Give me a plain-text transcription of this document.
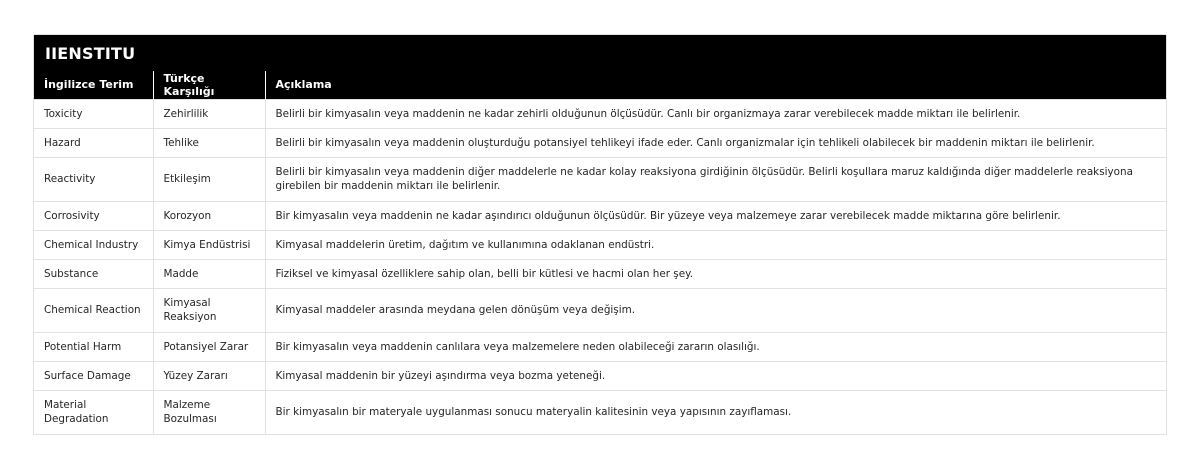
IIENSTITU
İngilizce Terim	Türkçe Karşılığı	Açıklama
Toxicity	Zehirlilik	Belirli bir kimyasalın veya maddenin ne kadar zehirli olduğunun ölçüsüdür. Canlı bir organizmaya zarar verebilecek madde miktarı ile belirlenir.
Hazard	Tehlike	Belirli bir kimyasalın veya maddenin oluşturduğu potansiyel tehlikeyi ifade eder. Canlı organizmalar için tehlikeli olabilecek bir maddenin miktarı ile belirlenir.
Reactivity	Etkileşim	Belirli bir kimyasalın veya maddenin diğer maddelerle ne kadar kolay reaksiyona girdiğinin ölçüsüdür. Belirli koşullara maruz kaldığında diğer maddelerle reaksiyona girebilen bir maddenin miktarı ile belirlenir.
Corrosivity	Korozyon	Bir kimyasalın veya maddenin ne kadar aşındırıcı olduğunun ölçüsüdür. Bir yüzeye veya malzemeye zarar verebilecek madde miktarına göre belirlenir.
Chemical Industry	Kimya Endüstrisi	Kimyasal maddelerin üretim, dağıtım ve kullanımına odaklanan endüstri.
Substance	Madde	Fiziksel ve kimyasal özelliklere sahip olan, belli bir kütlesi ve hacmi olan her şey.
Chemical Reaction	Kimyasal Reaksiyon	Kimyasal maddeler arasında meydana gelen dönüşüm veya değişim.
Potential Harm	Potansiyel Zarar	Bir kimyasalın veya maddenin canlılara veya malzemelere neden olabileceği zararın olasılığı.
Surface Damage	Yüzey Zararı	Kimyasal maddenin bir yüzeyi aşındırma veya bozma yeteneği.
Material Degradation	Malzeme Bozulması	Bir kimyasalın bir materyale uygulanması sonucu materyalin kalitesinin veya yapısının zayıflaması.
